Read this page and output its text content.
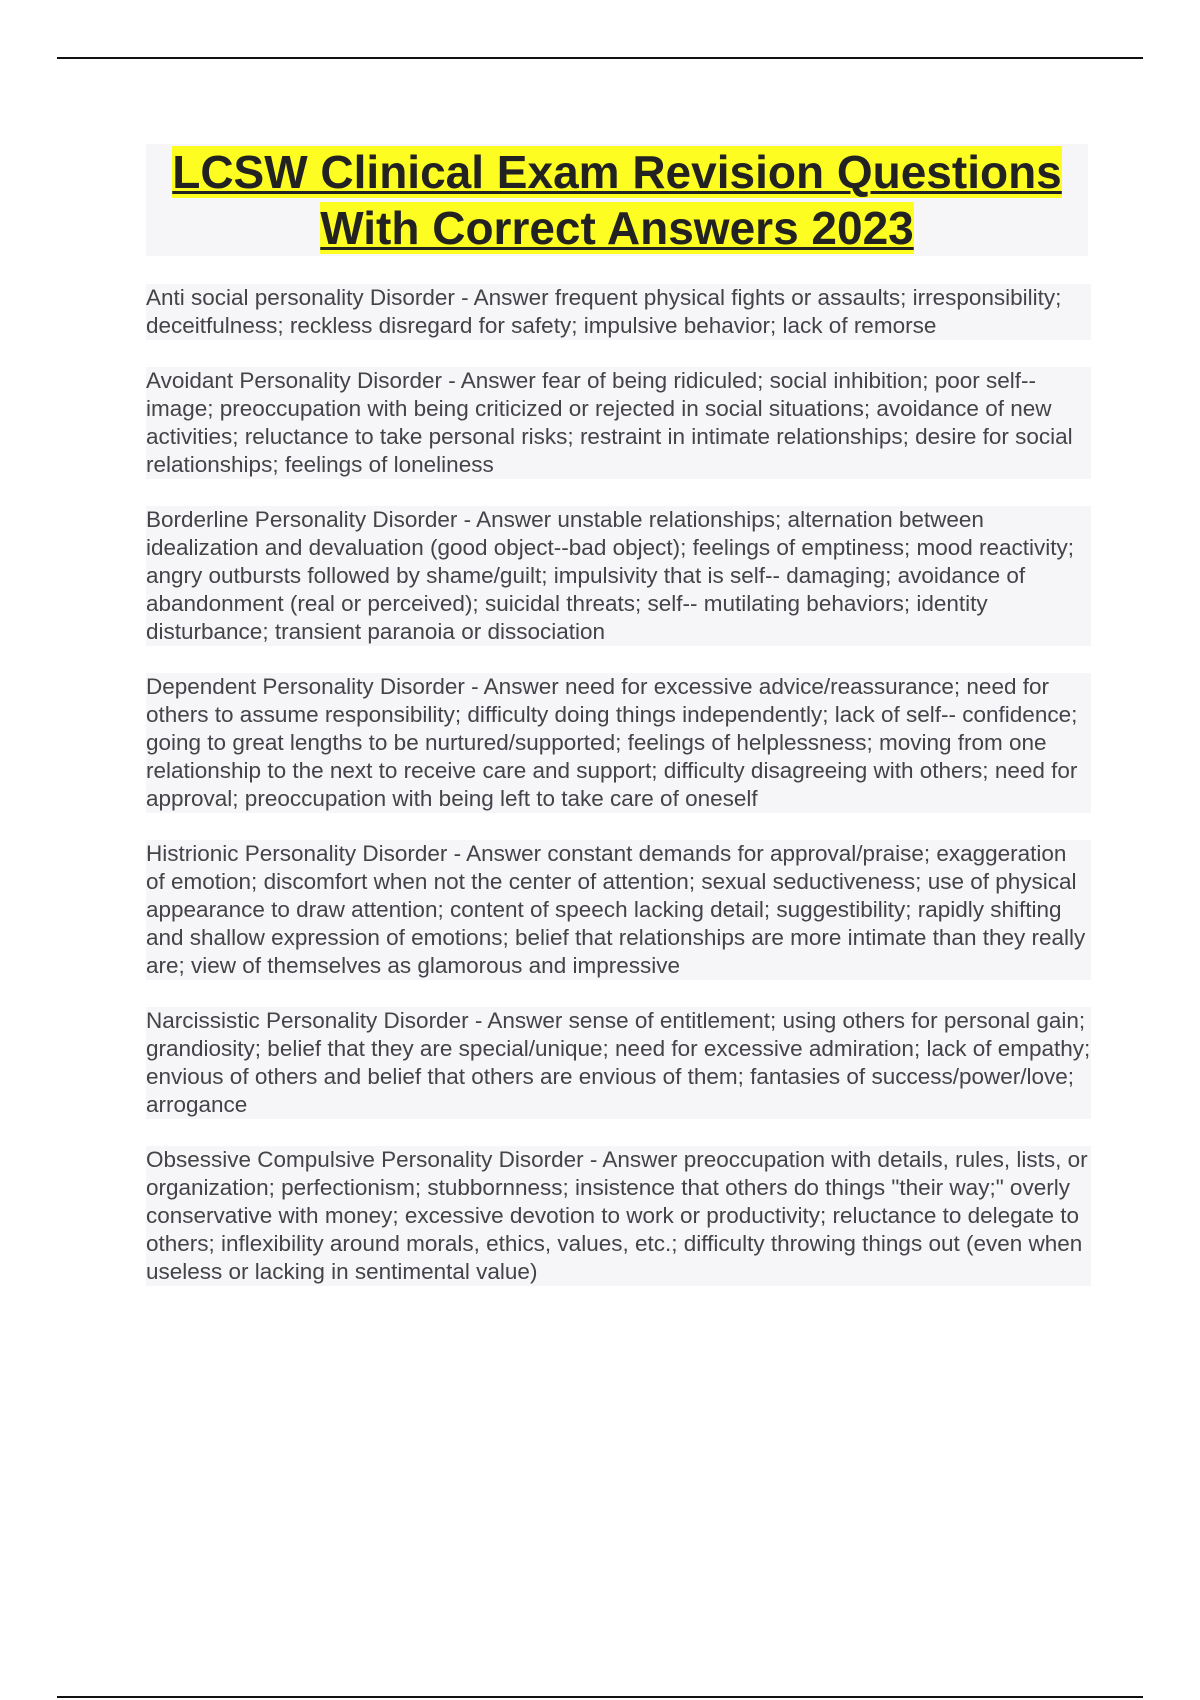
LCSW Clinical Exam Revision Questions
With Correct Answers 2023

Anti social personality Disorder - Answer frequent physical fights or assaults; irresponsibility; deceitfulness; reckless disregard for safety; impulsive behavior; lack of remorse

Avoidant Personality Disorder - Answer fear of being ridiculed; social inhibition; poor self-- image; preoccupation with being criticized or rejected in social situations; avoidance of new activities; reluctance to take personal risks; restraint in intimate relationships; desire for social relationships; feelings of loneliness

Borderline Personality Disorder - Answer unstable relationships; alternation between idealization and devaluation (good object--bad object); feelings of emptiness; mood reactivity; angry outbursts followed by shame/guilt; impulsivity that is self-- damaging; avoidance of abandonment (real or perceived); suicidal threats; self-- mutilating behaviors; identity disturbance; transient paranoia or dissociation

Dependent Personality Disorder - Answer need for excessive advice/reassurance; need for others to assume responsibility; difficulty doing things independently; lack of self-- confidence; going to great lengths to be nurtured/supported; feelings of helplessness; moving from one relationship to the next to receive care and support; difficulty disagreeing with others; need for approval; preoccupation with being left to take care of oneself

Histrionic Personality Disorder - Answer constant demands for approval/praise; exaggeration of emotion; discomfort when not the center of attention; sexual seductiveness; use of physical appearance to draw attention; content of speech lacking detail; suggestibility; rapidly shifting and shallow expression of emotions; belief that relationships are more intimate than they really are; view of themselves as glamorous and impressive

Narcissistic Personality Disorder - Answer sense of entitlement; using others for personal gain; grandiosity; belief that they are special/unique; need for excessive admiration; lack of empathy; envious of others and belief that others are envious of them; fantasies of success/power/love; arrogance

Obsessive Compulsive Personality Disorder - Answer preoccupation with details, rules, lists, or organization; perfectionism; stubbornness; insistence that others do things "their way;" overly conservative with money; excessive devotion to work or productivity; reluctance to delegate to others; inflexibility around morals, ethics, values, etc.; difficulty throwing things out (even when useless or lacking in sentimental value)
